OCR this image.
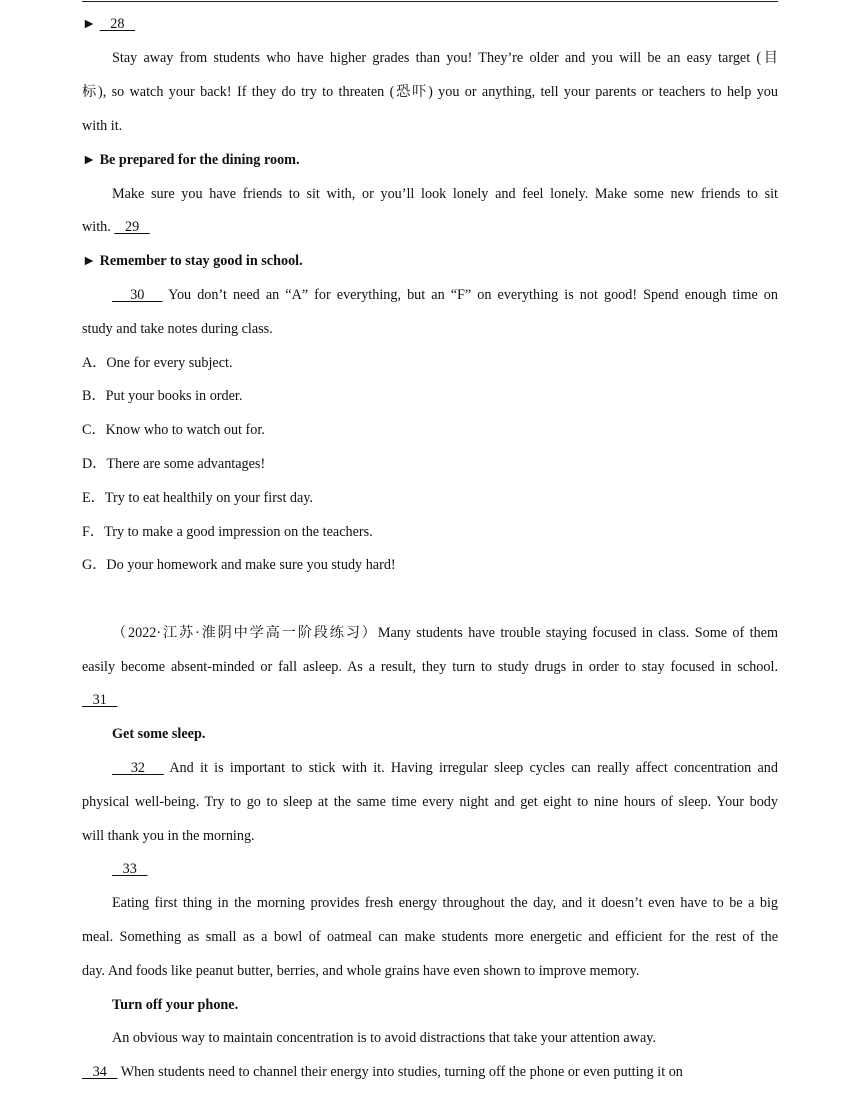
►    28
Stay away from students who have higher grades than you! They’re older and you will be an easy target (目
标), so watch your back! If they do try to threaten (恐吓) you or anything, tell your parents or teachers to help you
with it.
► Be prepared for the dining room.
Make sure you have friends to sit with, or you’ll look lonely and feel lonely. Make some new friends to sit
with.    29
► Remember to stay good in school.
30    You don’t need an “A” for everything, but an “F” on everything is not good! Spend enough time on
study and take notes during class.
A．One for every subject.
B．Put your books in order.
C．Know who to watch out for.
D．There are some advantages!
E．Try to eat healthily on your first day.
F．Try to make a good impression on the teachers.
G．Do your homework and make sure you study hard!
（2022·江苏·淮阴中学高一阶段练习）Many students have trouble staying focused in class. Some of them
easily become absent-minded or fall asleep. As a result, they turn to study drugs in order to stay focused in school.
31
Get some sleep.
32    And it is important to stick with it. Having irregular sleep cycles can really affect concentration and
physical well-being. Try to go to sleep at the same time every night and get eight to nine hours of sleep. Your body
will thank you in the morning.
33
Eating first thing in the morning provides fresh energy throughout the day, and it doesn’t even have to be a big
meal. Something as small as a bowl of oatmeal can make students more energetic and efficient for the rest of the
day. And foods like peanut butter, berries, and whole grains have even shown to improve memory.
Turn off your phone.
An obvious way to maintain concentration is to avoid distractions that take your attention away.
34    When students need to channel their energy into studies, turning off the phone or even putting it on
